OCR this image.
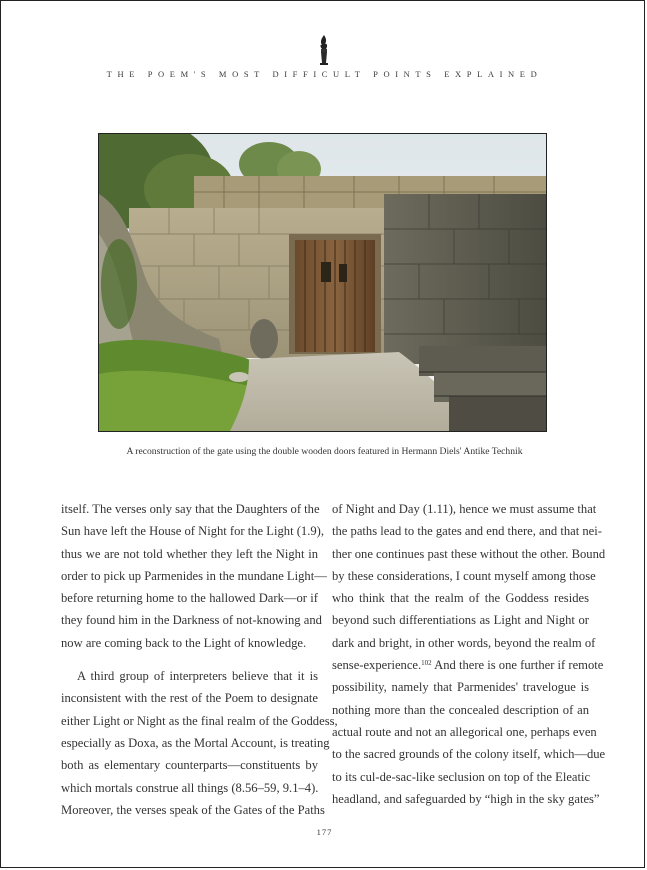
THE POEM'S MOST DIFFICULT POINTS EXPLAINED
A reconstruction of the gate using the double wooden doors featured in Hermann Diels' Antike Technik
itself. The verses only say that the Daughters of the
Sun have left the House of Night for the Light (1.9),
thus we are not told whether they left the Night in
order to pick up Parmenides in the mundane Light—
before returning home to the hallowed Dark—or if
they found him in the Darkness of not-knowing and
now are coming back to the Light of knowledge.
A third group of interpreters believe that it is
inconsistent with the rest of the Poem to designate
either Light or Night as the final realm of the Goddess,
especially as Doxa, as the Mortal Account, is treating
both as elementary counterparts—constituents by
which mortals construe all things (8.56–59, 9.1–4).
Moreover, the verses speak of the Gates of the Paths
of Night and Day (1.11), hence we must assume that
the paths lead to the gates and end there, and that nei-
ther one continues past these without the other. Bound
by these considerations, I count myself among those
who think that the realm of the Goddess resides
beyond such differentiations as Light and Night or
dark and bright, in other words, beyond the realm of
sense-experience.$^{102}$ And there is one further if remote
possibility, namely that Parmenides' travelogue is
nothing more than the concealed description of an
actual route and not an allegorical one, perhaps even
to the sacred grounds of the colony itself, which—due
to its cul-de-sac-like seclusion on top of the Eleatic
headland, and safeguarded by “high in the sky gates”
177
